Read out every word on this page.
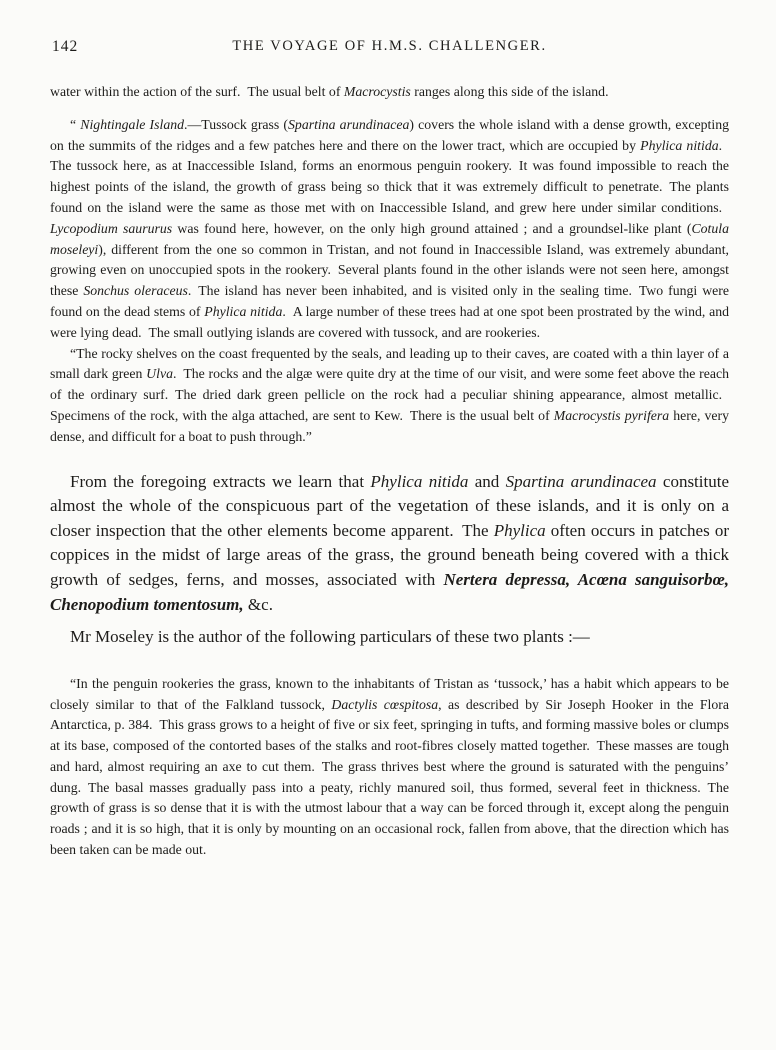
142	THE VOYAGE OF H.M.S. CHALLENGER.

water within the action of the surf. The usual belt of Macrocystis ranges along this side of the island.

“ Nightingale Island.—Tussock grass (Spartina arundinacea) covers the whole island with a dense growth, excepting on the summits of the ridges and a few patches here and there on the lower tract, which are occupied by Phylica nitida. The tussock here, as at Inaccessible Island, forms an enormous penguin rookery. It was found impossible to reach the highest points of the island, the growth of grass being so thick that it was extremely difficult to penetrate. The plants found on the island were the same as those met with on Inaccessible Island, and grew here under similar conditions. Lycopodium saururus was found here, however, on the only high ground attained ; and a groundsel-like plant (Cotula moseleyi), different from the one so common in Tristan, and not found in Inaccessible Island, was extremely abundant, growing even on unoccupied spots in the rookery. Several plants found in the other islands were not seen here, amongst these Sonchus oleraceus. The island has never been inhabited, and is visited only in the sealing time. Two fungi were found on the dead stems of Phylica nitida. A large number of these trees had at one spot been prostrated by the wind, and were lying dead. The small outlying islands are covered with tussock, and are rookeries.

“The rocky shelves on the coast frequented by the seals, and leading up to their caves, are coated with a thin layer of a small dark green Ulva. The rocks and the algæ were quite dry at the time of our visit, and were some feet above the reach of the ordinary surf. The dried dark green pellicle on the rock had a peculiar shining appearance, almost metallic. Specimens of the rock, with the alga attached, are sent to Kew. There is the usual belt of Macrocystis pyrifera here, very dense, and difficult for a boat to push through.”

From the foregoing extracts we learn that Phylica nitida and Spartina arundinacea constitute almost the whole of the conspicuous part of the vegetation of these islands, and it is only on a closer inspection that the other elements become apparent. The Phylica often occurs in patches or coppices in the midst of large areas of the grass, the ground beneath being covered with a thick growth of sedges, ferns, and mosses, associated with Nertera depressa, Acœna sanguisorbœ, Chenopodium tomentosum, &c.

Mr Moseley is the author of the following particulars of these two plants :—

“In the penguin rookeries the grass, known to the inhabitants of Tristan as ‘tussock,’ has a habit which appears to be closely similar to that of the Falkland tussock, Dactylis cœspitosa, as described by Sir Joseph Hooker in the Flora Antarctica, p. 384. This grass grows to a height of five or six feet, springing in tufts, and forming massive boles or clumps at its base, composed of the contorted bases of the stalks and root-fibres closely matted together. These masses are tough and hard, almost requiring an axe to cut them. The grass thrives best where the ground is saturated with the penguins’ dung. The basal masses gradually pass into a peaty, richly manured soil, thus formed, several feet in thickness. The growth of grass is so dense that it is with the utmost labour that a way can be forced through it, except along the penguin roads ; and it is so high, that it is only by mounting on an occasional rock, fallen from above, that the direction which has been taken can be made out.
